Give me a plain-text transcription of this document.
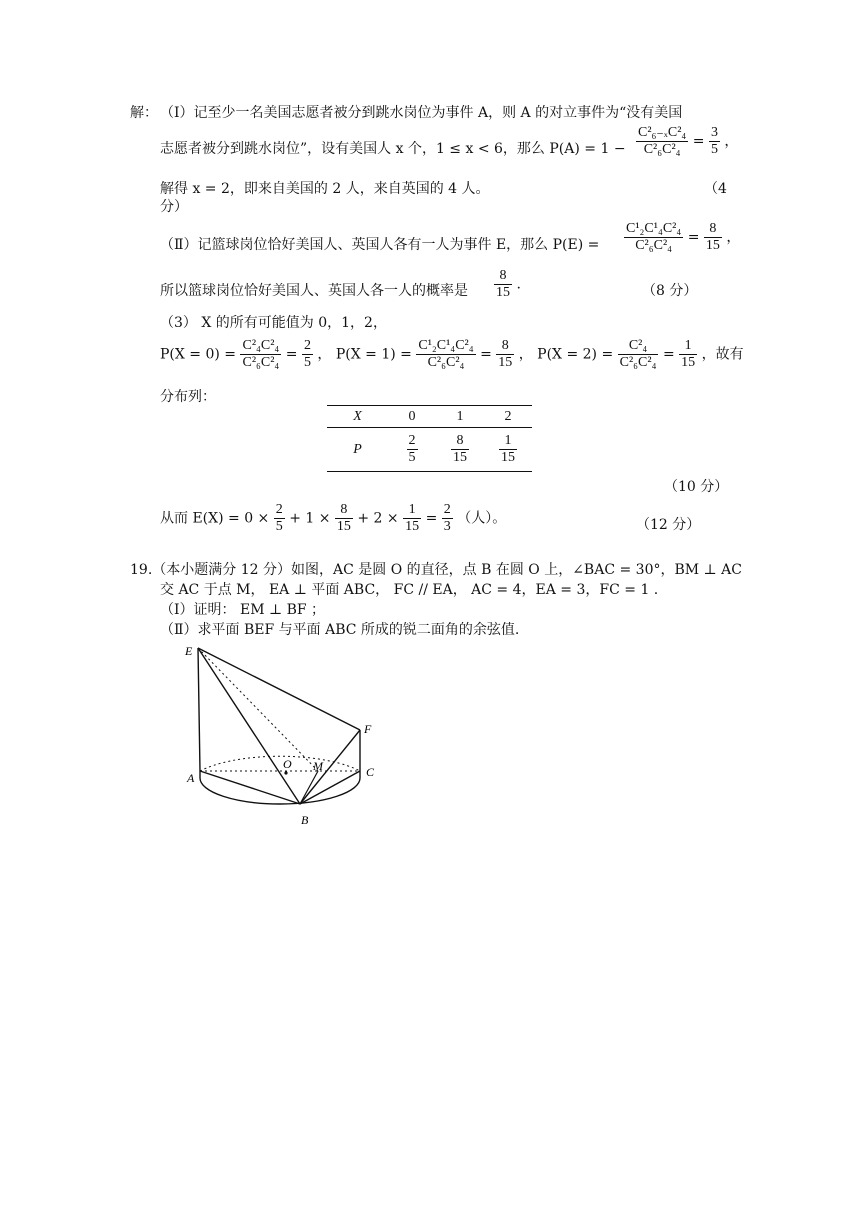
解： （Ⅰ）记至少一名美国志愿者被分到跳水岗位为事件 A，则 A 的对立事件为“没有美国
志愿者被分到跳水岗位”，设有美国人 x 个，1 ≤ x < 6，那么 $P(A) = 1 - \frac{\text{C²₆₋ₓC²₄}}{\text{C²₆C²₄}} = \frac{3}{5}$ ，
解得 x = 2，即来自美国的 2 人，来自英国的 4 人。	（4
分）
（Ⅱ）记篮球岗位恰好美国人、英国人各有一人为事件 E，那么 $P(E) = \frac{\text{C¹₂C¹₄C²₄}}{\text{C²₆C²₄}} = \frac{8}{15}$ ，
所以篮球岗位恰好美国人、英国人各一人的概率是 $\frac{8}{15}$ .	（8 分）
（3） X 的所有可能值为 0，1，2，
$P(X = 0) = \frac{\text{C²₄C²₄}}{\text{C²₆C²₄}} = \frac{2}{5}$ ， $P(X = 1) = \frac{\text{C¹₂C¹₄C²₄}}{\text{C²₆C²₄}} = \frac{8}{15}$ ， $P(X = 2) = \frac{\text{C²₄}}{\text{C²₆C²₄}} = \frac{1}{15}$ ，故有
分布列：
X	0	1	2
P	$\frac{2}{5}$	$\frac{8}{15}$	$\frac{1}{15}$
（10 分）
从而 $E(X) = 0 \times \frac{2}{5} + 1 \times \frac{8}{15} + 2 \times \frac{1}{15} = \frac{2}{3}$ （人）。	（12 分）
19.（本小题满分 12 分）如图，AC 是圆 O 的直径，点 B 在圆 O 上，∠BAC = 30°，BM ⊥ AC
交 AC 于点 M， EA ⊥ 平面 ABC， FC // EA， AC = 4，EA = 3，FC = 1 .
（Ⅰ）证明： EM ⊥ BF ；
（Ⅱ）求平面 BEF 与平面 ABC 所成的锐二面角的余弦值.
E
F
A	C
O M
B
